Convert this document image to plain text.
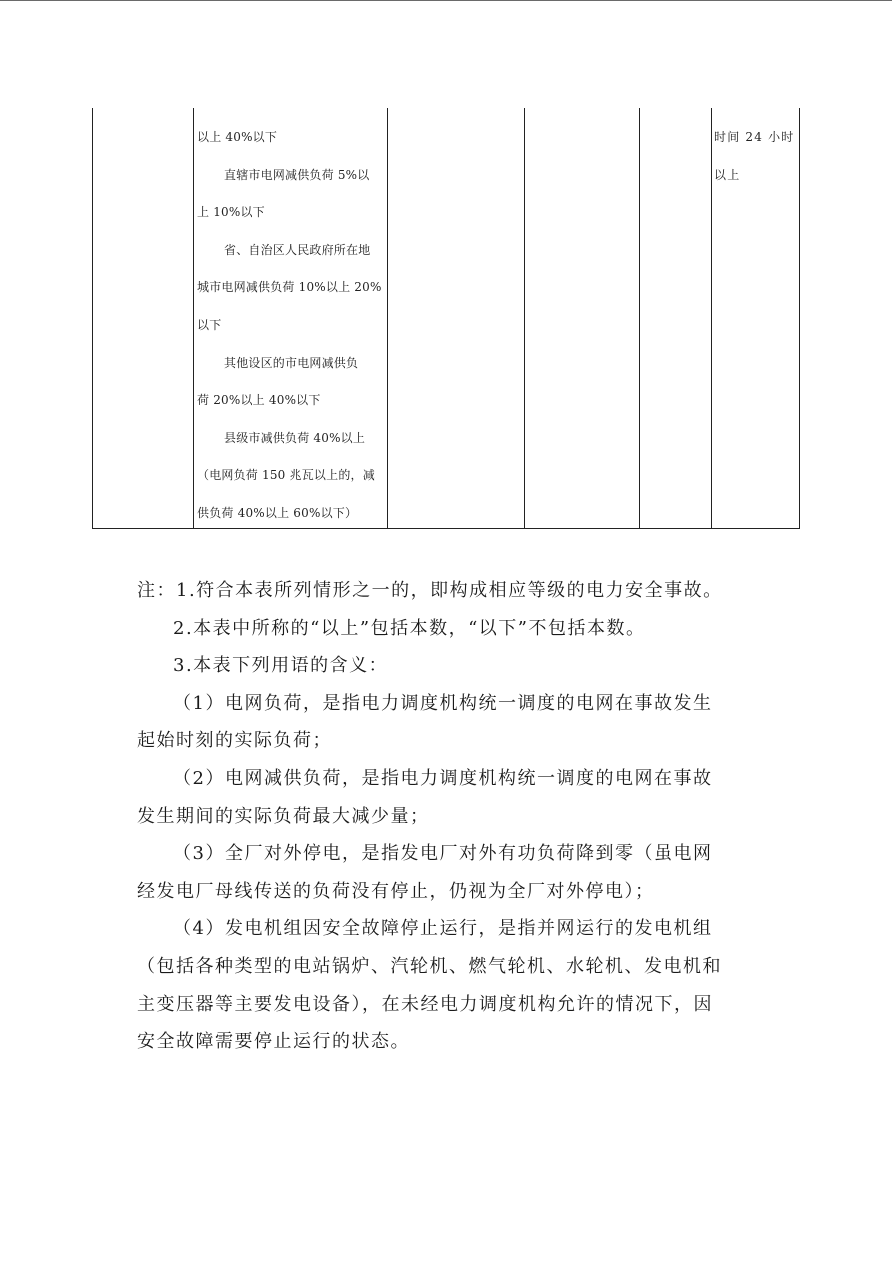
以上 40%以下
直辖市电网减供负荷 5%以
上 10%以下
省、自治区人民政府所在地
城市电网减供负荷 10%以上 20%
以下
其他设区的市电网减供负
荷 20%以上 40%以下
县级市减供负荷 40%以上
（电网负荷 150 兆瓦以上的，减
供负荷 40%以上 60%以下）
时间 24 小时
以上
注：1.符合本表所列情形之一的，即构成相应等级的电力安全事故。
2.本表中所称的“以上”包括本数，“以下”不包括本数。
3.本表下列用语的含义：
（1）电网负荷，是指电力调度机构统一调度的电网在事故发生
起始时刻的实际负荷；
（2）电网减供负荷，是指电力调度机构统一调度的电网在事故
发生期间的实际负荷最大减少量；
（3）全厂对外停电，是指发电厂对外有功负荷降到零（虽电网
经发电厂母线传送的负荷没有停止，仍视为全厂对外停电）；
（4）发电机组因安全故障停止运行，是指并网运行的发电机组
（包括各种类型的电站锅炉、汽轮机、燃气轮机、水轮机、发电机和
主变压器等主要发电设备），在未经电力调度机构允许的情况下，因
安全故障需要停止运行的状态。
